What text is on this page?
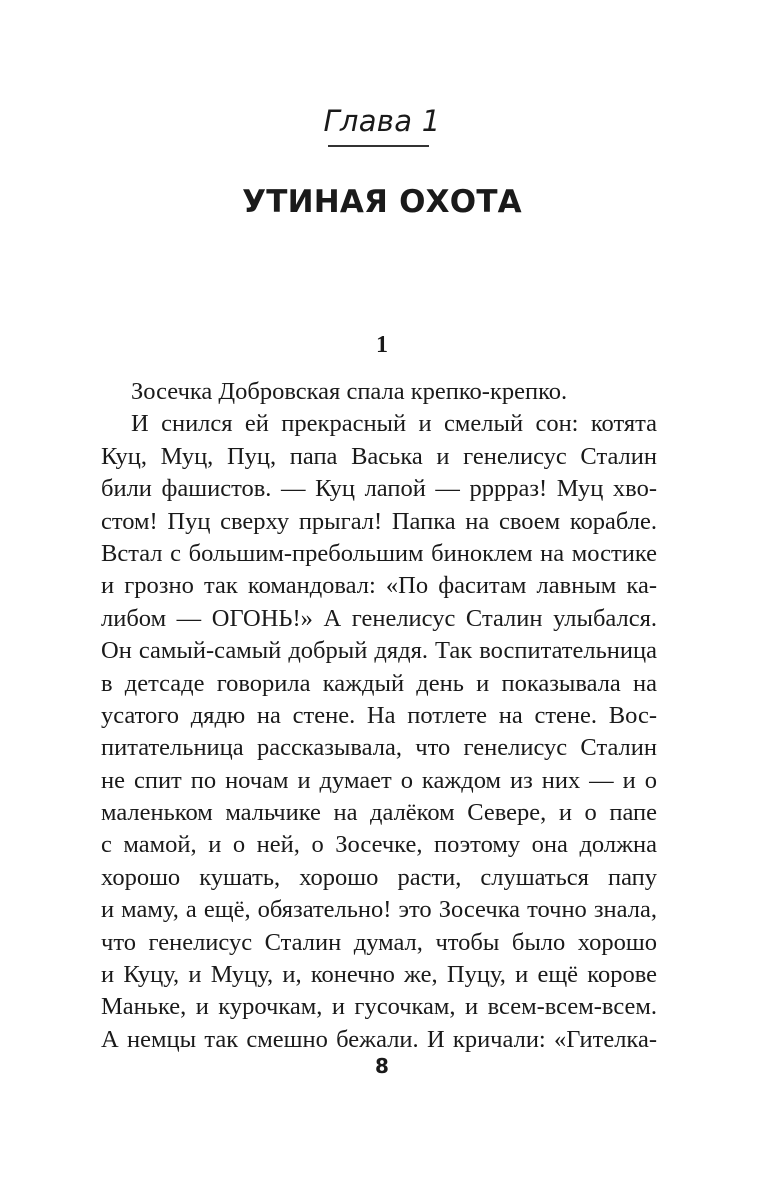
Глава 1
УТИНАЯ ОХОТА
1
Зосечка Добровская спала крепко-крепко.
И снился ей прекрасный и смелый сон: котята
Куц, Муц, Пуц, папа Васька и генелисус Сталин
били фашистов. — Куц лапой — ррррaз! Муц хво-
стом! Пуц сверху прыгал! Папка на своем корабле.
Встал с большим-пребольшим биноклем на мостике
и грозно так командовал: «По фаситам лавным ка-
либом — ОГОНЬ!» А генелисус Сталин улыбался.
Он самый-самый добрый дядя. Так воспитательница
в детсаде говорила каждый день и показывала на
усатого дядю на стене. На потлете на стене. Вос-
питательница рассказывала, что генелисус Сталин
не спит по ночам и думает о каждом из них — и о
маленьком мальчике на далёком Севере, и о папе
с мамой, и о ней, о Зосечке, поэтому она должна
хорошо кушать, хорошо расти, слушаться папу
и маму, а ещё, обязательно! это Зосечка точно знала,
что генелисус Сталин думал, чтобы было хорошо
и Куцу, и Муцу, и, конечно же, Пуцу, и ещё корове
Маньке, и курочкам, и гусочкам, и всем-всем-всем.
А немцы так смешно бежали. И кричали: «Гителка-
8
